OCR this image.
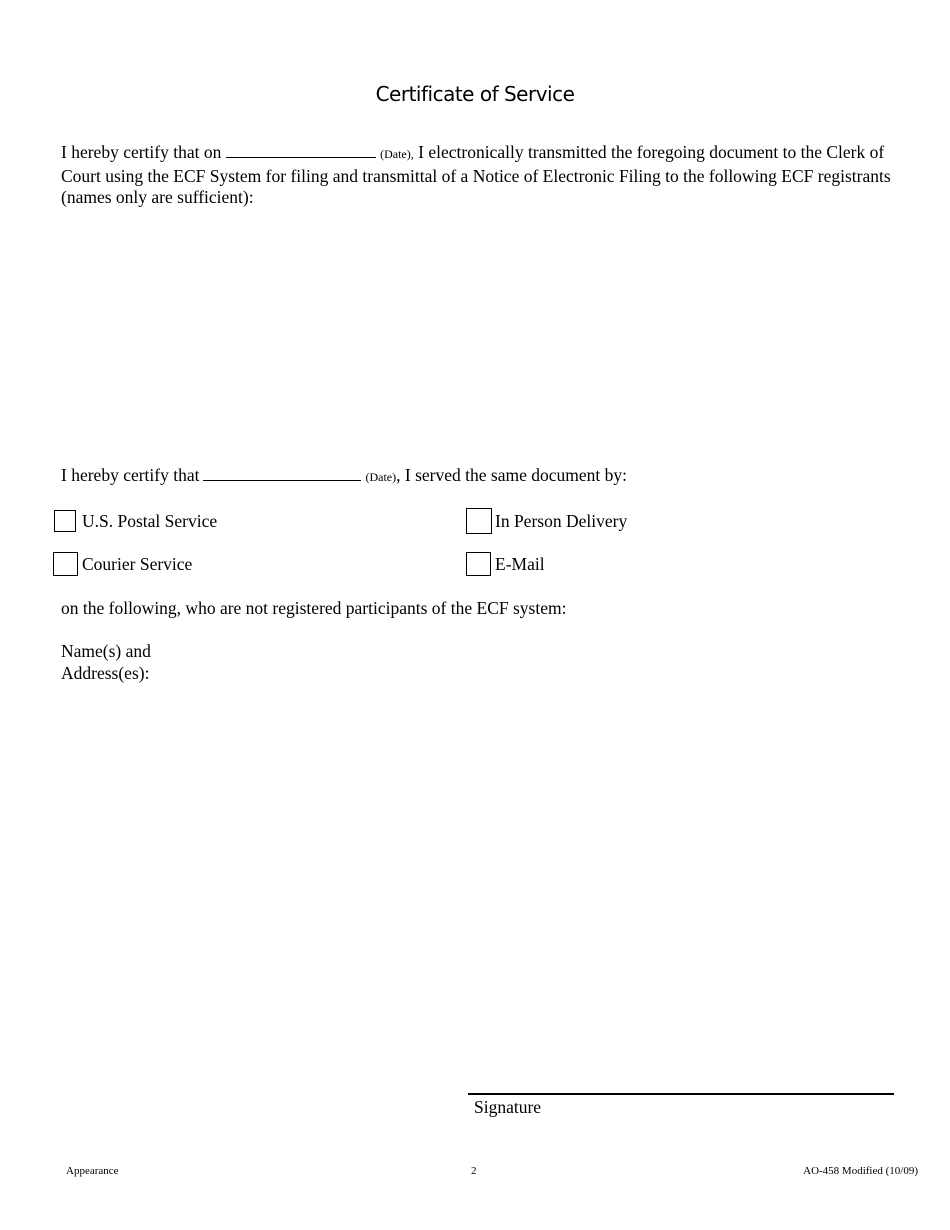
Certificate of Service
I hereby certify that on	(Date), I electronically transmitted the foregoing document to the Clerk of Court using the ECF System for filing and transmittal of a Notice of Electronic Filing to the following ECF registrants (names only are sufficient):
I hereby certify that	(Date), I served the same document by:
U.S. Postal Service	In Person Delivery
Courier Service	E-Mail
on the following, who are not registered participants of the ECF system:
Name(s) and
Address(es):
Signature
Appearance	2	AO-458 Modified (10/09)
